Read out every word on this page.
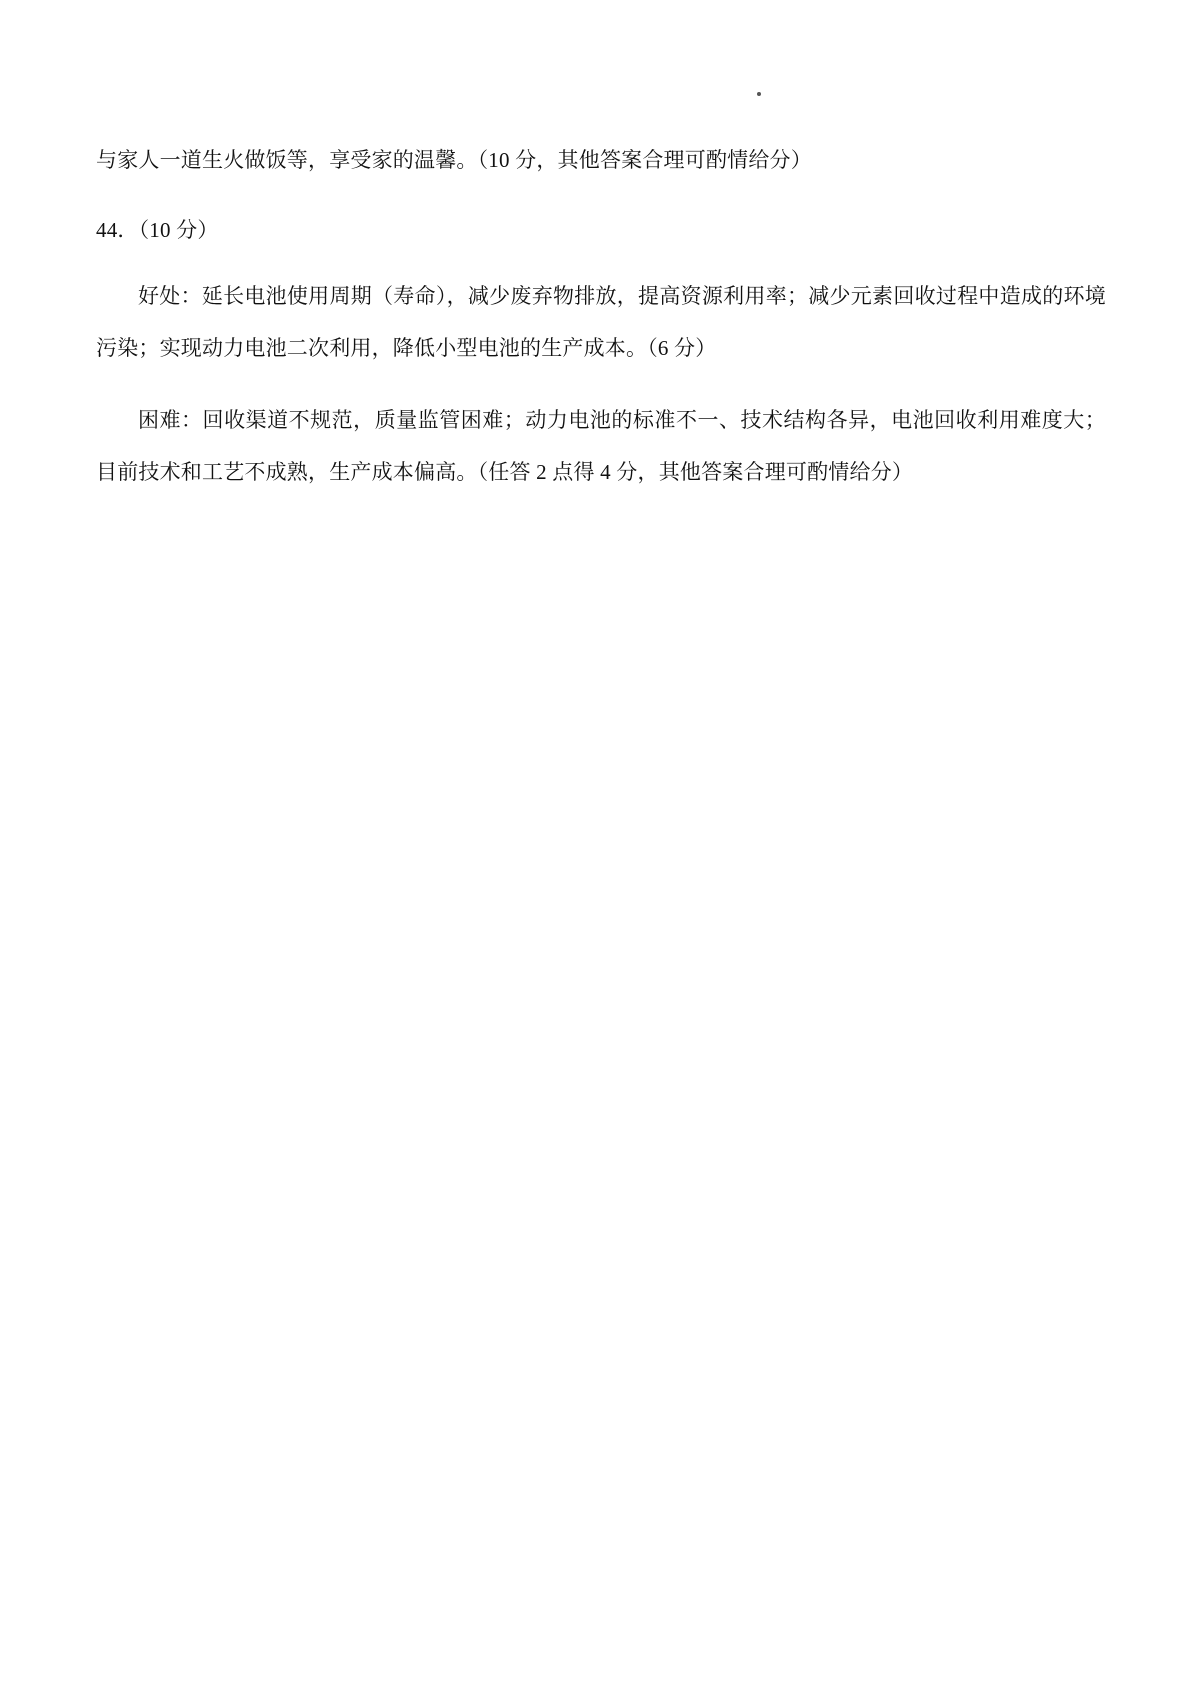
与家人一道生火做饭等，享受家的温馨。（10 分，其他答案合理可酌情给分）

44．（10 分）

好处：延长电池使用周期（寿命），减少废弃物排放，提高资源利用率；减少元素回收过程中造成的环境污染；实现动力电池二次利用，降低小型电池的生产成本。（6 分）

困难：回收渠道不规范，质量监管困难；动力电池的标准不一、技术结构各异，电池回收利用难度大；目前技术和工艺不成熟，生产成本偏高。（任答 2 点得 4 分，其他答案合理可酌情给分）
